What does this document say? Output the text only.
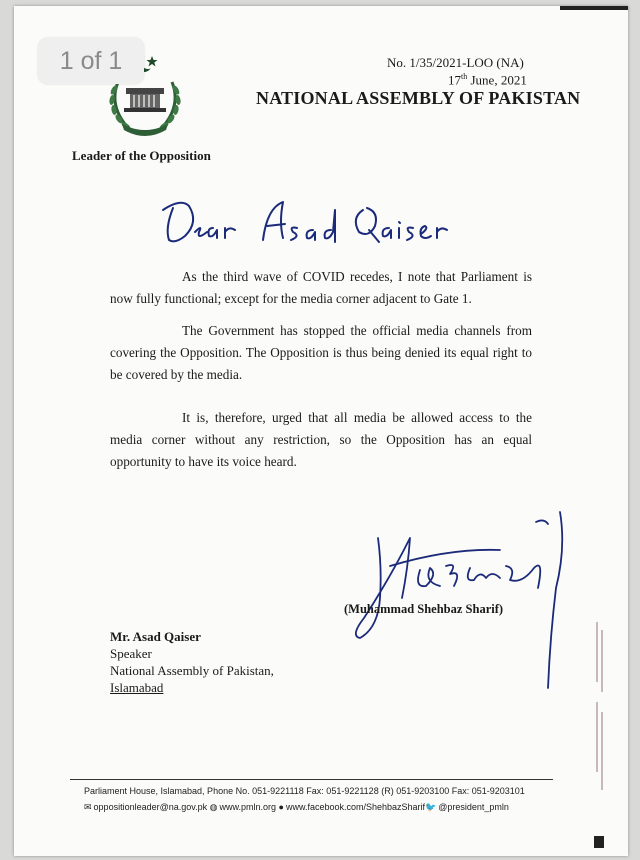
1 of 1
Leader of the Opposition
No. 1/35/2021-LOO (NA)
17th June, 2021
NATIONAL ASSEMBLY OF PAKISTAN
As the third wave of COVID recedes, I note that Parliament is now fully functional; except for the media corner adjacent to Gate 1.
The Government has stopped the official media channels from covering the Opposition. The Opposition is thus being denied its equal right to be covered by the media.
It is, therefore, urged that all media be allowed access to the media corner without any restriction, so the Opposition has an equal opportunity to have its voice heard.
(Muhammad Shehbaz Sharif)
Mr. Asad Qaiser
Speaker
National Assembly of Pakistan,
Islamabad
Parliament House, Islamabad, Phone No. 051-9221118 Fax: 051-9221128 (R) 051-9203100 Fax: 051-9203101
✉ oppositionleader@na.gov.pk ◍ www.pmln.org ● www.facebook.com/ShehbazSharif🐦 @president_pmln
